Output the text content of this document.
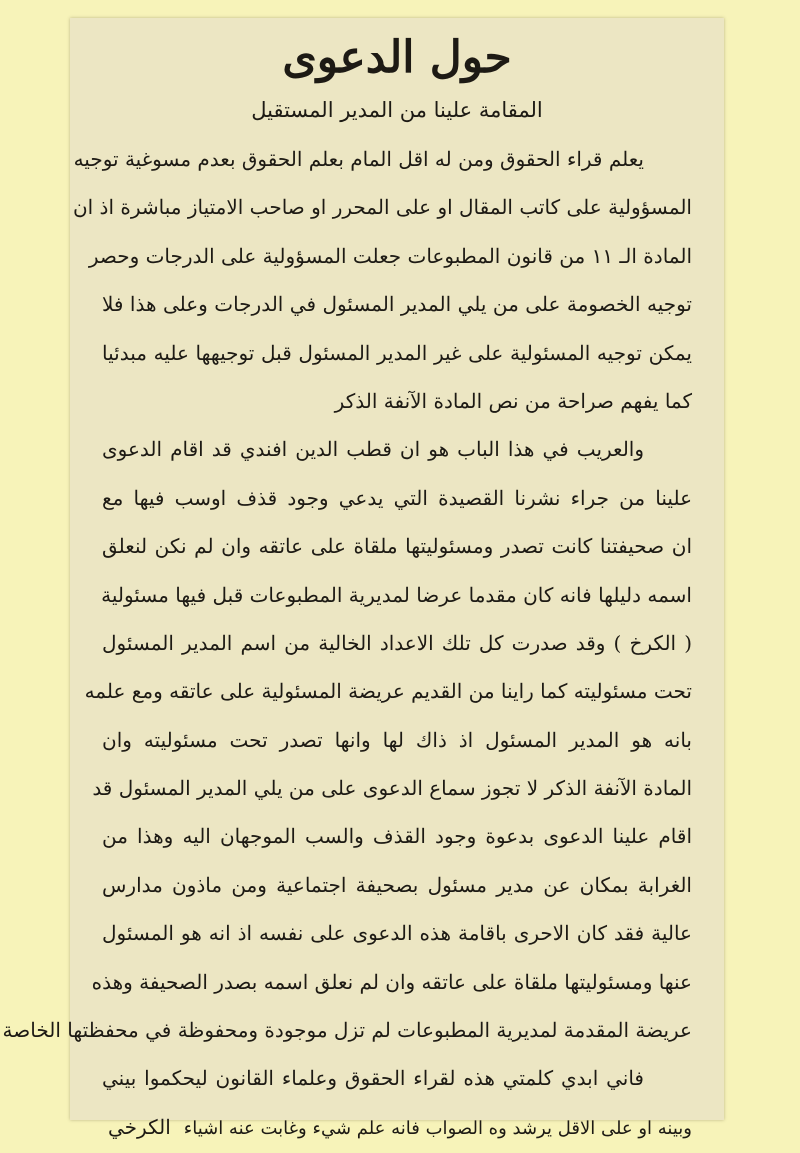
حول الدعوى
المقامة علينا من المدير المستقيل
يعلم قراء الحقوق ومن له اقل المام بعلم الحقوق بعدم مسوغية توجيه
المسؤولية على كاتب المقال او على المحرر او صاحب الامتياز مباشرة اذ ان
المادة الـ ١١ من قانون المطبوعات جعلت المسؤولية على الدرجات وحصر
توجيه الخصومة على من يلي المدير المسئول في الدرجات وعلى هذا فلا
يمكن توجيه المسئولية على غير المدير المسئول قبل توجيهها عليه مبدئيا
كما يفهم صراحة من نص المادة الآنفة الذكر
والعريب في هذا الباب هو ان قطب الدين افندي قد اقام الدعوى
علينا من جراء نشرنا القصيدة التي يدعي وجود قذف اوسب فيها مع
ان صحيفتنا كانت تصدر ومسئوليتها ملقاة على عاتقه وان لم نكن لنعلق
اسمه دليلها فانه كان مقدما عرضا لمديرية المطبوعات قبل فيها مسئولية
( الكرخ ) وقد صدرت كل تلك الاعداد الخالية من اسم المدير المسئول
تحت مسئوليته كما راينا من القديم عريضة المسئولية على عاتقه ومع علمه
بانه هو المدير المسئول اذ ذاك لها وانها تصدر تحت مسئوليته وان
المادة الآنفة الذكر لا تجوز سماع الدعوى على من يلي المدير المسئول قد
اقام علينا الدعوى بدعوة وجود القذف والسب الموجهان اليه وهذا من
الغرابة بمكان عن مدير مسئول بصحيفة اجتماعية ومن ماذون مدارس
عالية فقد كان الاحرى باقامة هذه الدعوى على نفسه اذ انه هو المسئول
عنها ومسئوليتها ملقاة على عاتقه وان لم نعلق اسمه بصدر الصحيفة وهذه
عريضة المقدمة لمديرية المطبوعات لم تزل موجودة ومحفوظة في محفظتها الخاصة
فاني ابدي كلمتي هذه لقراء الحقوق وعلماء القانون ليحكموا بيني
وبينه او على الاقل يرشد وه الصواب فانه علم شيء وغابت عنه اشياء
الكرخي
